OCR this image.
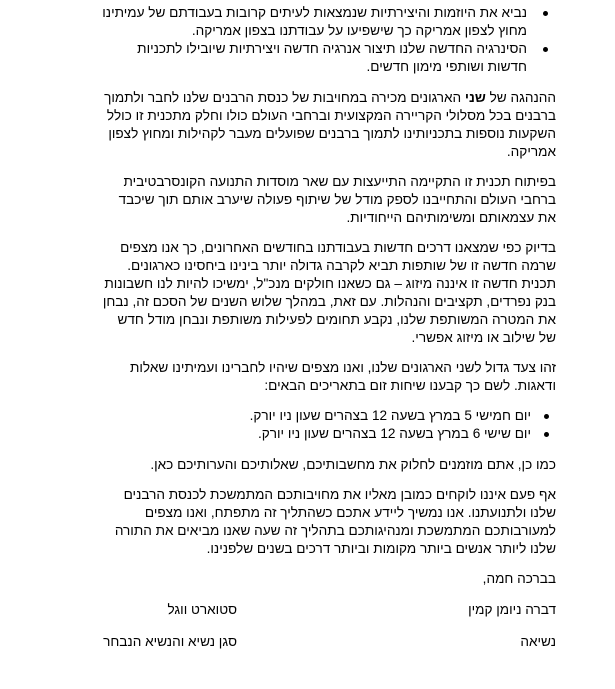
נביא את היוזמות והיצירתיות שנמצאות לעיתים קרובות בעבודתם של עמיתינו
מחוץ לצפון אמריקה כך שישפיעו על עבודתנו בצפון אמריקה.
הסינרגיה החדשה שלנו תיצור אנרגיה חדשה ויצירתיות שיובילו לתכניות
חדשות ושותפי מימון חדשים.
ההנהגה של שני הארגונים מכירה במחויבות של כנסת הרבנים שלנו לחבר ולתמוך
ברבנים בכל מסלולי הקריירה המקצועית וברחבי העולם כולו וחלק מתכנית זו כולל
השקעות נוספות בתכניותינו לתמוך ברבנים שפועלים מעבר לקהילות ומחוץ לצפון
אמריקה.
בפיתוח תכנית זו התקיימה התייעצות עם שאר מוסדות התנועה הקונסרבטיבית
ברחבי העולם והתחייבנו לספק מודל של שיתוף פעולה שיערב אותם תוך שיכבד
את עצמאותם ומשימותיהם הייחודיות.
בדיוק כפי שמצאנו דרכים חדשות בעבודתנו בחודשים האחרונים, כך אנו מצפים
שרמה חדשה זו של שותפות תביא לקרבה גדולה יותר בינינו ביחסינו כארגונים.
תכנית חדשה זו איננה מיזוג – גם כשאנו חולקים מנכ"ל, ימשיכו להיות לנו חשבונות
בנק נפרדים, תקציבים והנהלות. עם זאת, במהלך שלוש השנים של הסכם זה, נבחן
את המטרה המשותפת שלנו, נקבע תחומים לפעילות משותפת ונבחן מודל חדש
של שילוב או מיזוג אפשרי.
זהו צעד גדול לשני הארגונים שלנו, ואנו מצפים שיהיו לחברינו ועמיתינו שאלות
ודאגות. לשם כך קבענו שיחות זום בתאריכים הבאים:
יום חמישי 5 במרץ בשעה 12 בצהרים שעון ניו יורק.
יום שישי 6 במרץ בשעה 12 בצהרים שעון ניו יורק.
כמו כן, אתם מוזמנים לחלוק את מחשבותיכם, שאלותיכם והערותיכם כאן.
אף פעם איננו לוקחים כמובן מאליו את מחויבותכם המתמשכת לכנסת הרבנים
שלנו ולתנועתנו. אנו נמשיך ליידע אתכם כשהתליך זה מתפתח, ואנו מצפים
למעורבותכם המתמשכת ומנהיגותכם בתהליך זה שעה שאנו מביאים את התורה
שלנו ליותר אנשים ביותר מקומות וביותר דרכים בשנים שלפנינו.
בברכה חמה,
דברה ניומן קמין
סטוארט ווגל
נשיאה
סגן נשיא והנשיא הנבחר
